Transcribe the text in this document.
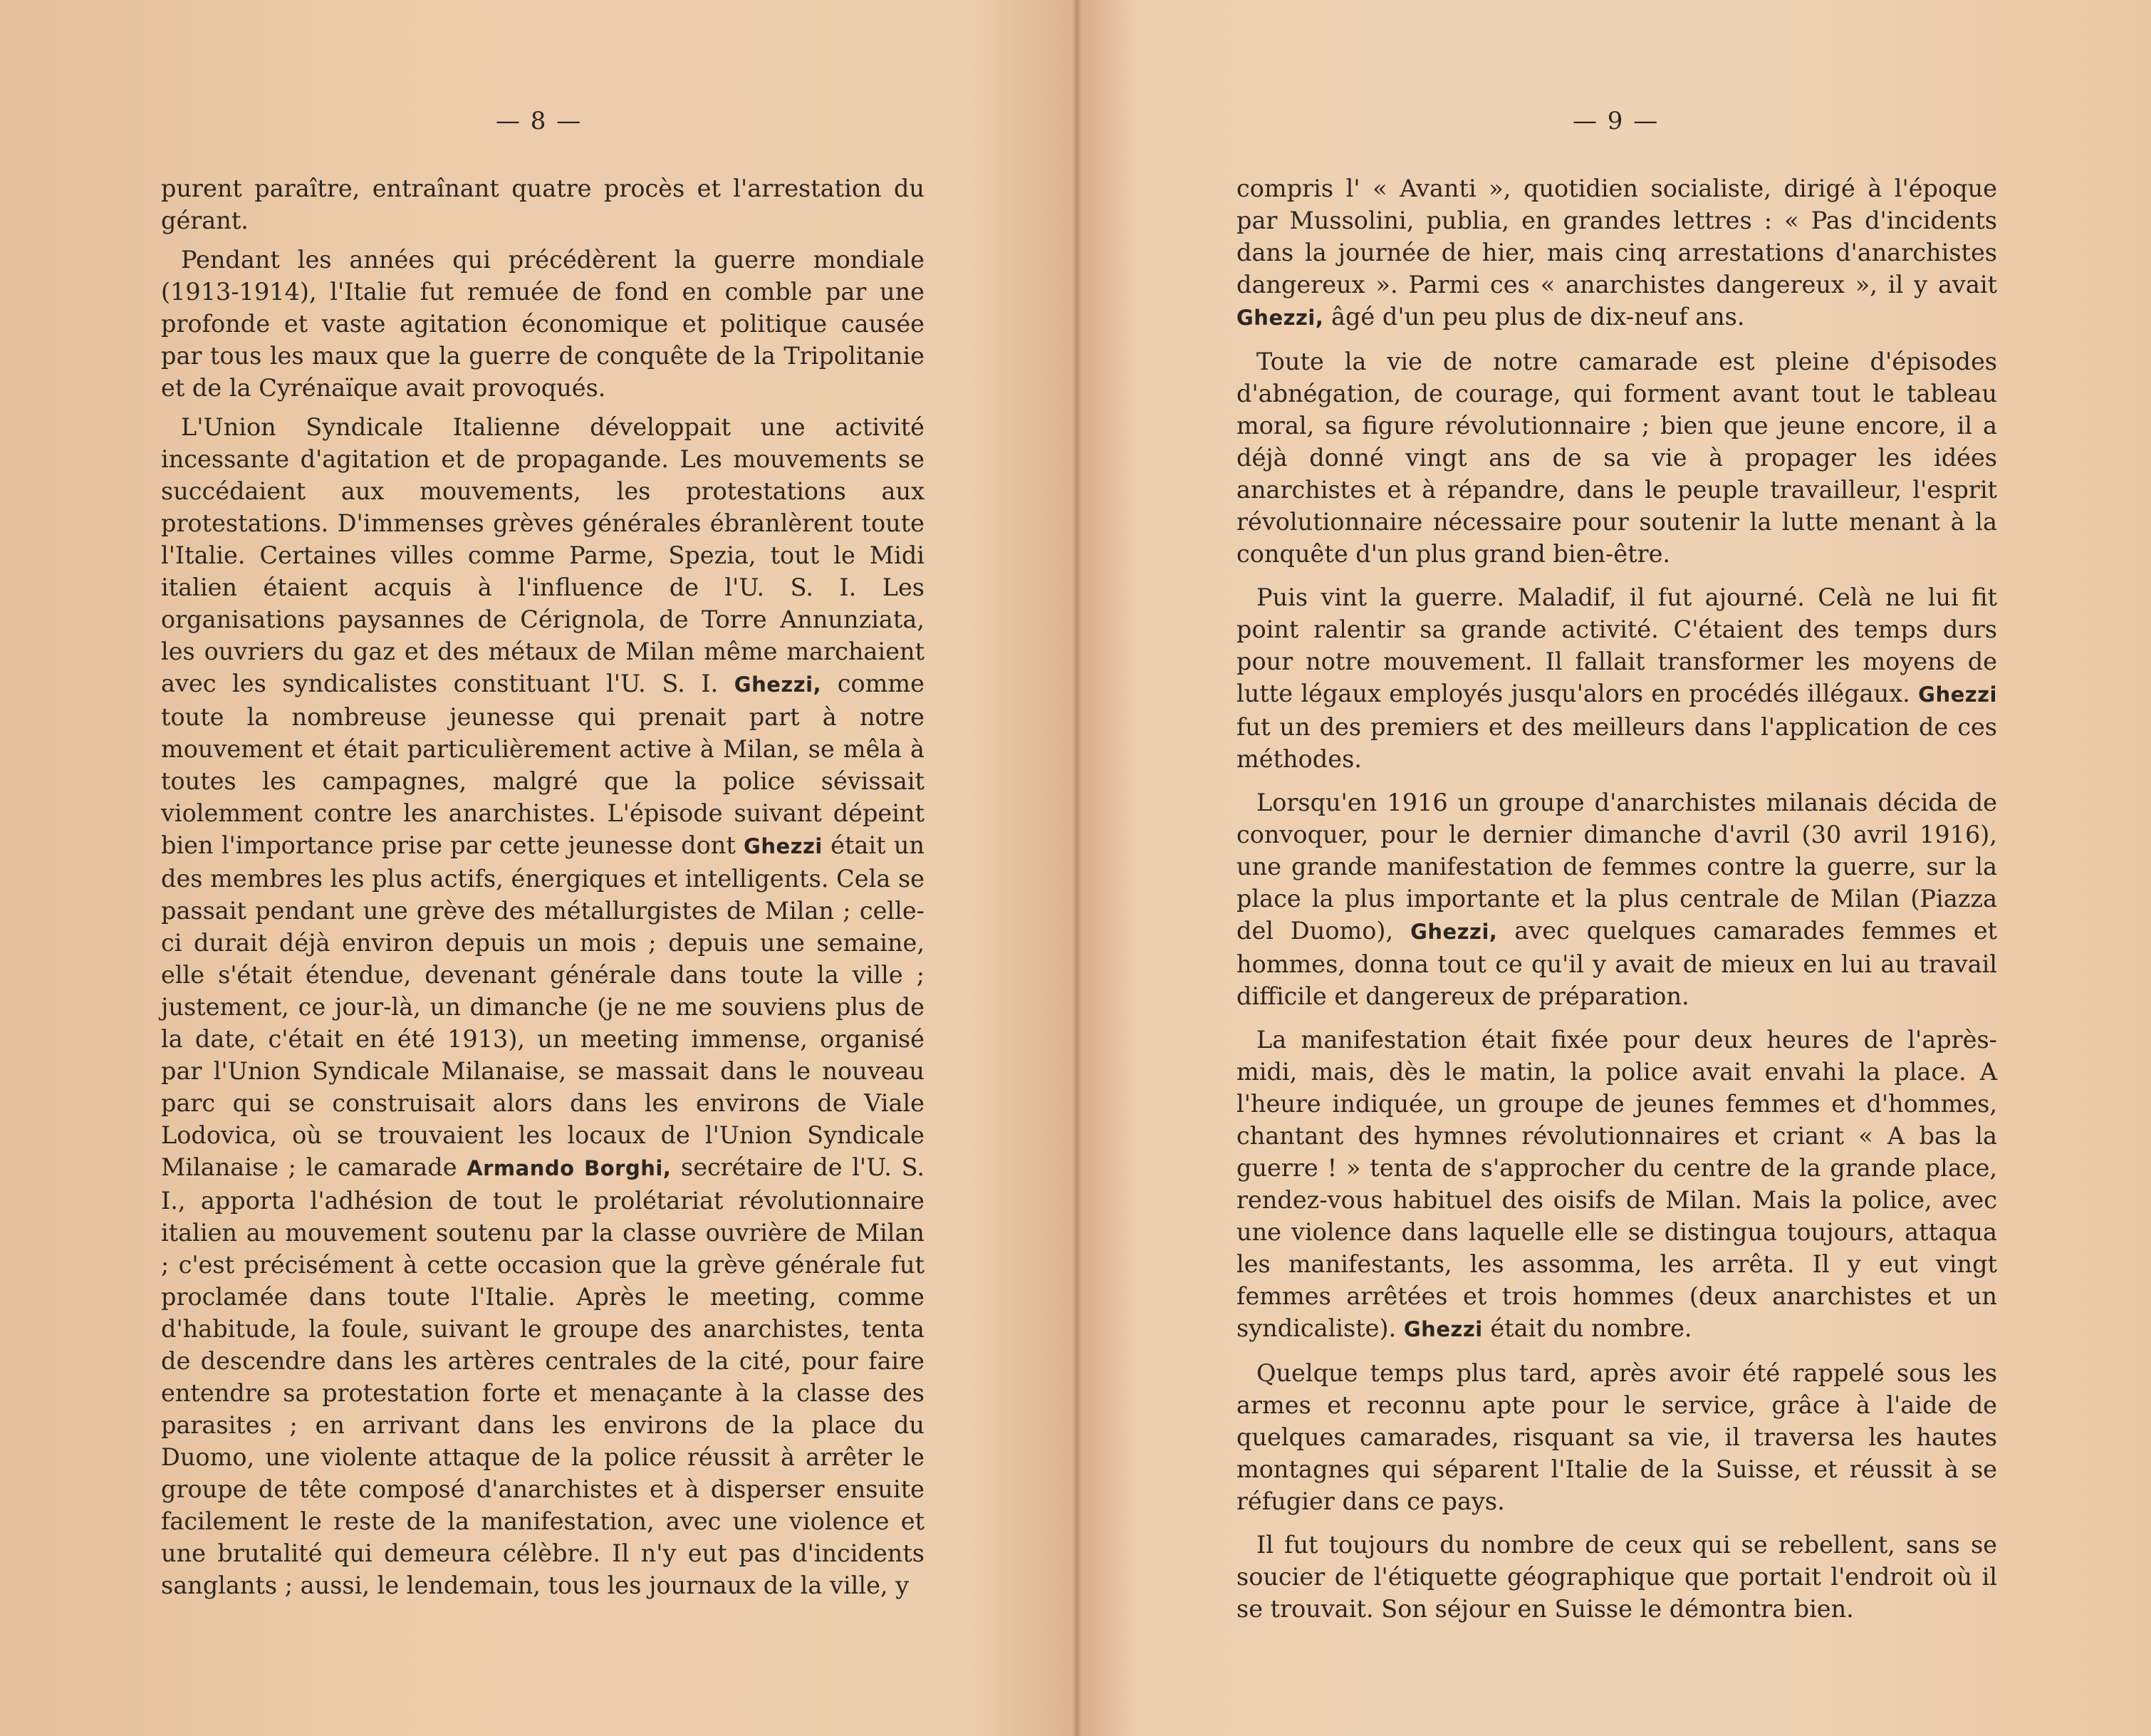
— 8 —

purent paraître, entraînant quatre procès et l'arrestation du gérant.

Pendant les années qui précédèrent la guerre mondiale (1913-1914), l'Italie fut remuée de fond en comble par une profonde et vaste agitation économique et politique causée par tous les maux que la guerre de conquête de la Tripolitanie et de la Cyrénaïque avait provoqués.

L'Union Syndicale Italienne développait une activité incessante d'agitation et de propagande. Les mouvements se succédaient aux mouvements, les protestations aux protestations. D'immenses grèves générales ébranlèrent toute l'Italie. Certaines villes comme Parme, Spezia, tout le Midi italien étaient acquis à l'influence de l'U. S. I. Les organisations paysannes de Cérignola, de Torre Annunziata, les ouvriers du gaz et des métaux de Milan même marchaient avec les syndicalistes constituant l'U. S. I. Ghezzi, comme toute la nombreuse jeunesse qui prenait part à notre mouvement et était particulièrement active à Milan, se mêla à toutes les campagnes, malgré que la police sévissait violemment contre les anarchistes. L'épisode suivant dépeint bien l'importance prise par cette jeunesse dont Ghezzi était un des membres les plus actifs, énergiques et intelligents. Cela se passait pendant une grève des métallurgistes de Milan ; celle-ci durait déjà environ depuis un mois ; depuis une semaine, elle s'était étendue, devenant générale dans toute la ville ; justement, ce jour-là, un dimanche (je ne me souviens plus de la date, c'était en été 1913), un meeting immense, organisé par l'Union Syndicale Milanaise, se massait dans le nouveau parc qui se construisait alors dans les environs de Viale Lodovica, où se trouvaient les locaux de l'Union Syndicale Milanaise ; le camarade Armando Borghi, secrétaire de l'U. S. I., apporta l'adhésion de tout le prolétariat révolutionnaire italien au mouvement soutenu par la classe ouvrière de Milan ; c'est précisément à cette occasion que la grève générale fut proclamée dans toute l'Italie. Après le meeting, comme d'habitude, la foule, suivant le groupe des anarchistes, tenta de descendre dans les artères centrales de la cité, pour faire entendre sa protestation forte et menaçante à la classe des parasites ; en arrivant dans les environs de la place du Duomo, une violente attaque de la police réussit à arrêter le groupe de tête composé d'anarchistes et à disperser ensuite facilement le reste de la manifestation, avec une violence et une brutalité qui demeura célèbre. Il n'y eut pas d'incidents sanglants ; aussi, le lendemain, tous les journaux de la ville, y

— 9 —

compris l' « Avanti », quotidien socialiste, dirigé à l'époque par Mussolini, publia, en grandes lettres : « Pas d'incidents dans la journée de hier, mais cinq arrestations d'anarchistes dangereux ». Parmi ces « anarchistes dangereux », il y avait Ghezzi, âgé d'un peu plus de dix-neuf ans.

Toute la vie de notre camarade est pleine d'épisodes d'abnégation, de courage, qui forment avant tout le tableau moral, sa figure révolutionnaire ; bien que jeune encore, il a déjà donné vingt ans de sa vie à propager les idées anarchistes et à répandre, dans le peuple travailleur, l'esprit révolutionnaire nécessaire pour soutenir la lutte menant à la conquête d'un plus grand bien-être.

Puis vint la guerre. Maladif, il fut ajourné. Celà ne lui fit point ralentir sa grande activité. C'étaient des temps durs pour notre mouvement. Il fallait transformer les moyens de lutte légaux employés jusqu'alors en procédés illégaux. Ghezzi fut un des premiers et des meilleurs dans l'application de ces méthodes.

Lorsqu'en 1916 un groupe d'anarchistes milanais décida de convoquer, pour le dernier dimanche d'avril (30 avril 1916), une grande manifestation de femmes contre la guerre, sur la place la plus importante et la plus centrale de Milan (Piazza del Duomo), Ghezzi, avec quelques camarades femmes et hommes, donna tout ce qu'il y avait de mieux en lui au travail difficile et dangereux de préparation.

La manifestation était fixée pour deux heures de l'après-midi, mais, dès le matin, la police avait envahi la place. A l'heure indiquée, un groupe de jeunes femmes et d'hommes, chantant des hymnes révolutionnaires et criant « A bas la guerre ! » tenta de s'approcher du centre de la grande place, rendez-vous habituel des oisifs de Milan. Mais la police, avec une violence dans laquelle elle se distingua toujours, attaqua les manifestants, les assomma, les arrêta. Il y eut vingt femmes arrêtées et trois hommes (deux anarchistes et un syndicaliste). Ghezzi était du nombre.

Quelque temps plus tard, après avoir été rappelé sous les armes et reconnu apte pour le service, grâce à l'aide de quelques camarades, risquant sa vie, il traversa les hautes montagnes qui séparent l'Italie de la Suisse, et réussit à se réfugier dans ce pays.

Il fut toujours du nombre de ceux qui se rebellent, sans se soucier de l'étiquette géographique que portait l'endroit où il se trouvait. Son séjour en Suisse le démontra bien.
